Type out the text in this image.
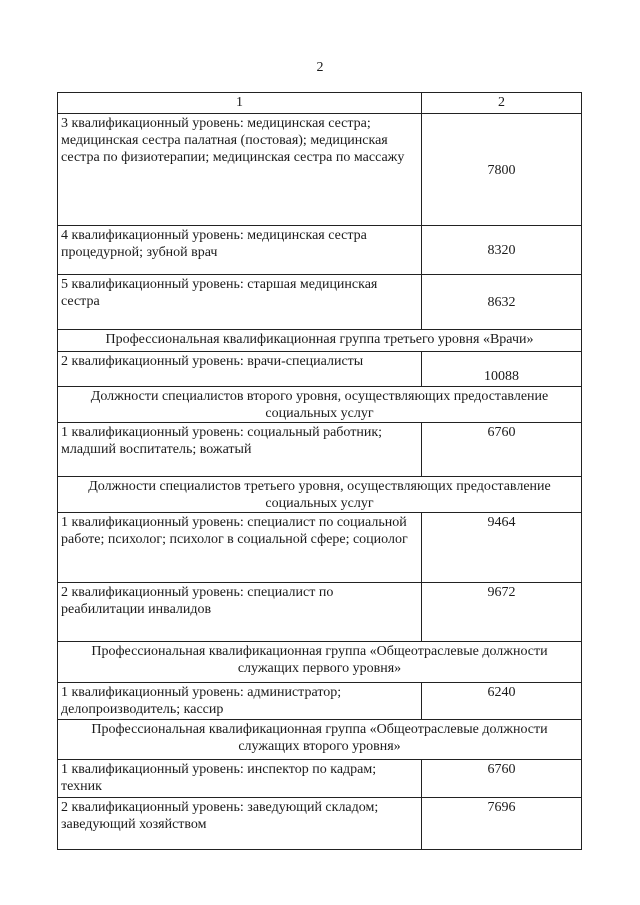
2
1	2
3 квалификационный уровень: медицинская сестра; медицинская сестра палатная (постовая); медицинская сестра по физиотерапии; медицинская сестра по массажу	7800
4 квалификационный уровень: медицинская сестра процедурной; зубной врач	8320
5 квалификационный уровень: старшая медицинская сестра	8632
Профессиональная квалификационная группа третьего уровня «Врачи»	
2 квалификационный уровень: врачи-специалисты	10088
Должности специалистов второго уровня, осуществляющих предоставление социальных услуг	
1 квалификационный уровень: социальный работник; младший воспитатель; вожатый	6760
Должности специалистов третьего уровня, осуществляющих предоставление социальных услуг	
1 квалификационный уровень: специалист по социальной работе; психолог; психолог в социальной сфере; социолог	9464
2 квалификационный уровень: специалист по реабилитации инвалидов	9672
Профессиональная квалификационная группа «Общеотраслевые должности служащих первого уровня»	
1 квалификационный уровень: администратор; делопроизводитель; кассир	6240
Профессиональная квалификационная группа «Общеотраслевые должности служащих второго уровня»	
1 квалификационный уровень: инспектор по кадрам; техник	6760
2 квалификационный уровень: заведующий складом; заведующий хозяйством	7696
